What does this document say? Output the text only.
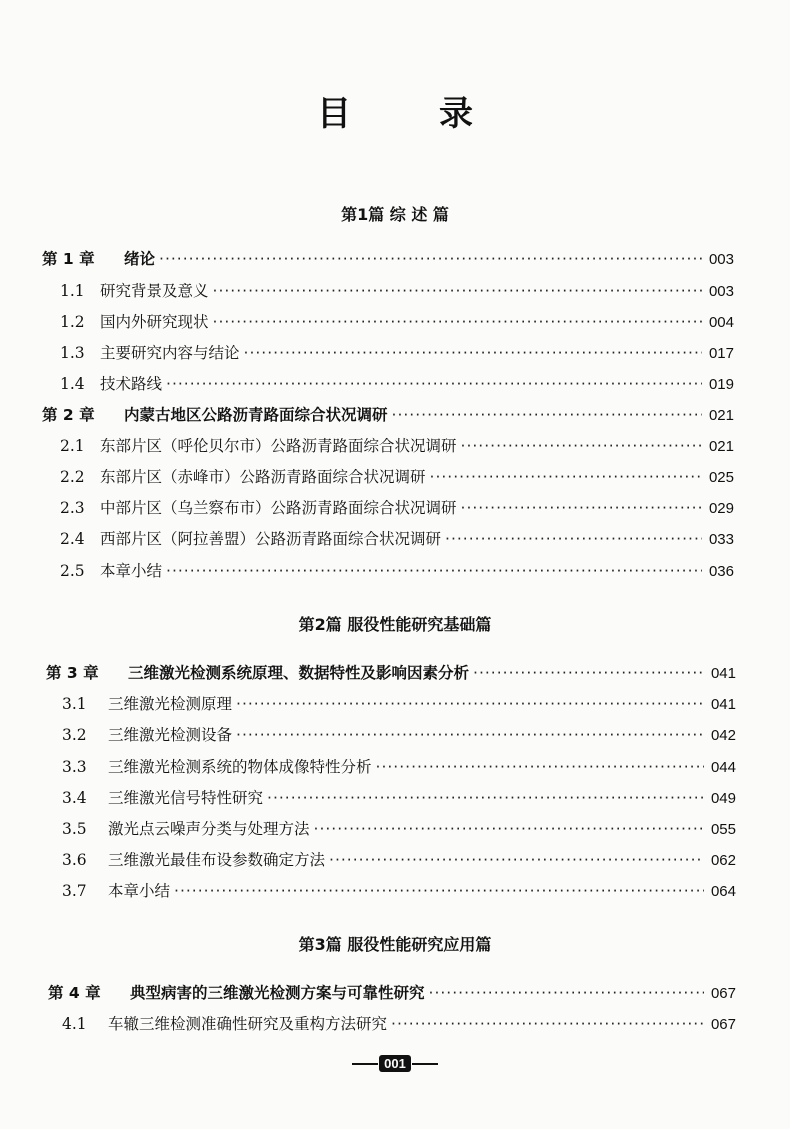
目	录
第1篇 综 述 篇
第2篇 服役性能研究基础篇
第3篇 服役性能研究应用篇
第 1 章	绪论 ·····	003
1.1 研究背景及意义 ·····	003
1.2 国内外研究现状 ·····	004
1.3 主要研究内容与结论 ·····	017
1.4 技术路线 ·····	019
第 2 章	内蒙古地区公路沥青路面综合状况调研 ·····	021
2.1 东部片区（呼伦贝尔市）公路沥青路面综合状况调研 ·····	021
2.2 东部片区（赤峰市）公路沥青路面综合状况调研 ·····	025
2.3 中部片区（乌兰察布市）公路沥青路面综合状况调研 ·····	029
2.4 西部片区（阿拉善盟）公路沥青路面综合状况调研 ·····	033
2.5 本章小结 ·····	036
第 3 章	三维激光检测系统原理、数据特性及影响因素分析 ·····	041
3.1	三维激光检测原理 ·····	041
3.2	三维激光检测设备 ·····	042
3.3	三维激光检测系统的物体成像特性分析 ·····	044
3.4	三维激光信号特性研究 ·····	049
3.5	激光点云噪声分类与处理方法 ·····	055
3.6	三维激光最佳布设参数确定方法 ·····	062
3.7	本章小结 ·····	064
第 4 章	典型病害的三维激光检测方案与可靠性研究 ·····	067
4.1	车辙三维检测准确性研究及重构方法研究 ·····	067
001
